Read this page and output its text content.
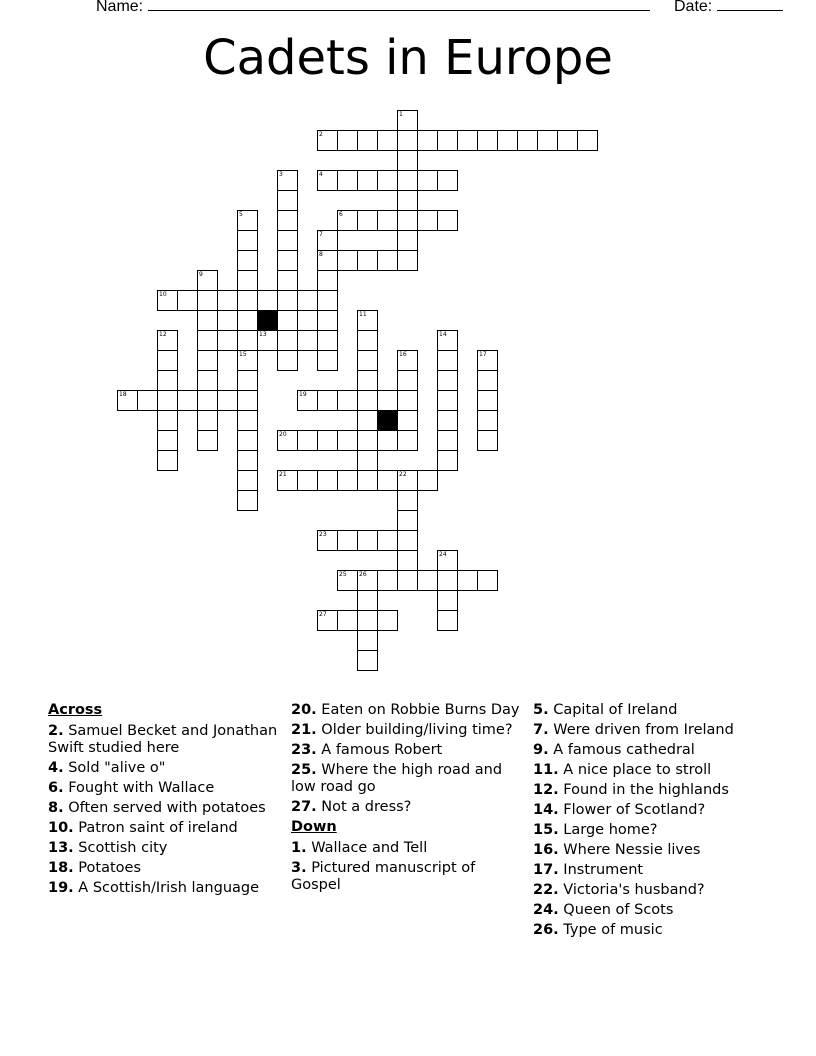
Name:	Date:
Cadets in Europe
2
4
6
8
10
13
18	19
20
21	22
23
25 26
27
1
3
5
15
7
9
11
12	14
16	17
24
Across
2. Samuel Becket and Jonathan Swift studied here
4. Sold "alive o"
6. Fought with Wallace
8. Often served with potatoes
10. Patron saint of ireland
13. Scottish city
18. Potatoes
19. A Scottish/Irish language
20. Eaten on Robbie Burns Day
21. Older building/living time?
23. A famous Robert
25. Where the high road and low road go
27. Not a dress?
Down
1. Wallace and Tell
3. Pictured manuscript of Gospel
5. Capital of Ireland
7. Were driven from Ireland
9. A famous cathedral
11. A nice place to stroll
12. Found in the highlands
14. Flower of Scotland?
15. Large home?
16. Where Nessie lives
17. Instrument
22. Victoria's husband?
24. Queen of Scots
26. Type of music
